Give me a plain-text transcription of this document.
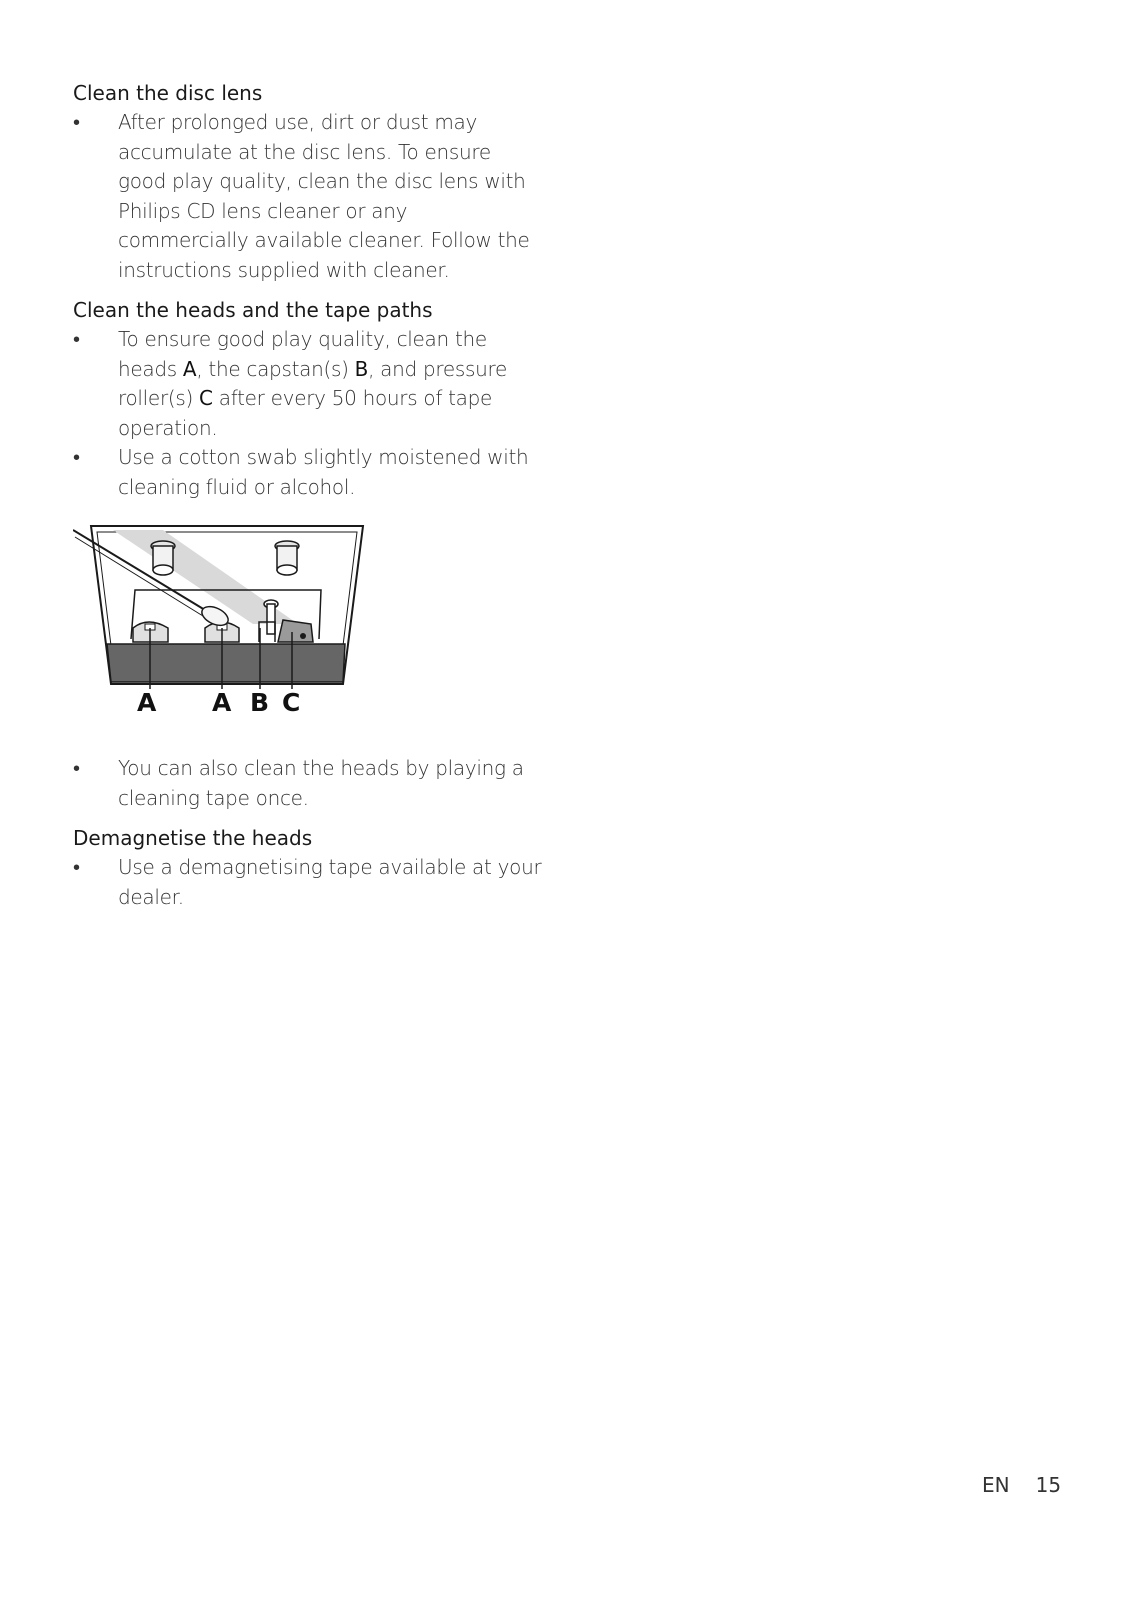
Clean the disc lens
•	After prolonged use, dirt or dust may accumulate at the disc lens. To ensure good play quality, clean the disc lens with Philips CD lens cleaner or any commercially available cleaner. Follow the instructions supplied with cleaner.
Clean the heads and the tape paths
•	To ensure good play quality, clean the heads A, the capstan(s) B, and pressure roller(s) C after every 50 hours of tape operation.
•	Use a cotton swab slightly moistened with cleaning fluid or alcohol.
A A B C
•	You can also clean the heads by playing a cleaning tape once.
Demagnetise the heads
•	Use a demagnetising tape available at your dealer.
EN 15
